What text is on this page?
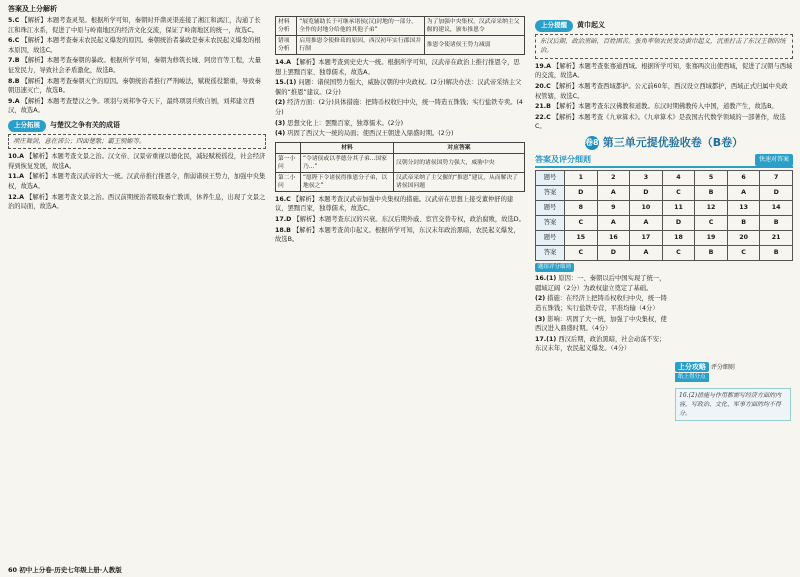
答案及上分解析

5.C 【解析】本题考查灵渠。根据所学可知，秦朝时开凿灵渠连接了湘江和漓江，沟通了长江和珠江水系，促进了中原与岭南地区的经济文化交流，保证了岭南地区的统一，故选C。

6.C 【解析】本题考查秦末农民起义爆发的原因。秦朝统治者暴政是秦末农民起义爆发的根本原因，故选C。

7.B 【解析】本题考查秦朝的暴政。根据所学可知，秦朝为修筑长城、阿房宫等工程，大量征发民力，导致社会矛盾激化，故选B。

8.B 【解析】本题考查秦朝灭亡的原因。秦朝统治者推行严刑峻法，赋税徭役繁重，导致秦朝迅速灭亡，故选B。

9.A 【解析】本题考查楚汉之争。项羽与刘邦争夺天下，最终项羽兵败自刎，刘邦建立西汉，故选A。

上分拓展	与楚汉之争有关的成语
项庄舞剑，意在沛公；四面楚歌；霸王别姬等。

10.A 【解析】本题考查文景之治。汉文帝、汉景帝重视以德化民，减轻赋税徭役，社会经济得到恢复发展，故选A。

11.A 【解析】本题考查汉武帝的大一统。汉武帝推行推恩令，削弱诸侯王势力，加强中央集权，故选A。

12.A 【解析】本题考查文景之治。西汉前期统治者吸取秦亡教训，休养生息，出现了文景之治的局面，故选A。

材料分析	“展览辅助长于可继承诸侯(汉)封地的一部分，全作的封地分给他的其他子弟”	为了加强中央集权，汉武帝采纳主父偃的建议，颁布推恩令
错项分析	启用推恩令使修葺的原因，西汉初年实行郡国并行制	推恩令使诸侯王势力减弱

14.A 【解析】本题考查到史史大一统。根据所学可知，汉武帝在政治上推行推恩令，思想上罢黜百家、独尊儒术，故选A。

15.(1) 问题：诸侯国势力强大，威胁汉朝的中央政权。(2分)解决办法：汉武帝采纳主父偃的“推恩”建议。(2分)

(2) 经济方面：(2分)具体措施：把铸币权收归中央，统一铸造五铢钱；实行盐铁专卖。(4分)

(3) 思想文化上：罢黜百家，独尊儒术。(2分)

(4) 巩固了西汉大一统的局面；使西汉王朝进入鼎盛时期。(2分)

	材料	对应答案
第一小问	“令诸侯或以孝德分其子弟...国家乃...”	汉朝分封的诸侯国势力强大，威胁中央
第二小问	“愿陛下令诸侯得推恩分子弟，以地侯之”	汉武帝采纳了主父偃的“推恩”建议，从而解决了诸侯国问题

16.C 【解析】本题考查汉武帝加强中央集权的措施。汉武帝在思想上接受董仲舒的建议，罢黜百家，独尊儒术，故选C。

17.D 【解析】本题考查东汉的兴衰。东汉后期外戚、宦官交替专权，政治腐败，故选D。

18.B 【解析】本题考查黄巾起义。根据所学可知，东汉末年政治黑暗，农民起义爆发，故选B。

上分提醒	黄巾起义
东汉后期，政治黑暗，百姓困苦。张角率领农民发动黄巾起义，沉重打击了东汉王朝的统治。

19.A 【解析】本题考查张骞通西域。根据所学可知，张骞两次出使西域，促进了汉朝与西域的交流，故选A。

20.C 【解析】本题考查西域都护。公元前60年，西汉设立西域都护，西域正式归属中央政权管辖，故选C。

21.B 【解析】本题考查东汉佛教和道教。东汉时期佛教传入中国，道教产生，故选B。

22.C 【解析】本题考查《九章算术》。《九章算术》是我国古代数学领域的一部著作，故选C。

卷8 第三单元提优验收卷（B卷）
答案及评分细则	快速对答案
题号	1	2	3	4	5	6	7
答案	D	A	D	C	B	A	D
题号	8	9	10	11	12	13	14
答案	C	A	A	D	C	B	B
题号	15	16	17	18	19	20	21
答案	C	D	A	C	B	C	B
题组评分细则

16.(1) 原因：一、秦朝以后中国实现了统一，疆域辽阔（2分）为政权建立奠定了基础。

(2) 措施：在经济上把铸币权收归中央，统一铸造五铢钱；实行盐铁专营，平准均输（4分）

(3) 影响：巩固了大一统，加强了中央集权，使西汉进入鼎盛时期。（4分）

17.(1) 西汉后期，政治黑暗，社会动荡不安；东汉末年，农民起义爆发。（4分）

上分攻略 评分细则
纸上得分点
16.(2)措施与作用都需写经济方面的内容，写政治、文化、军事方面的均不得分。
60 初中上分卷·历史七年级上册·人教版
